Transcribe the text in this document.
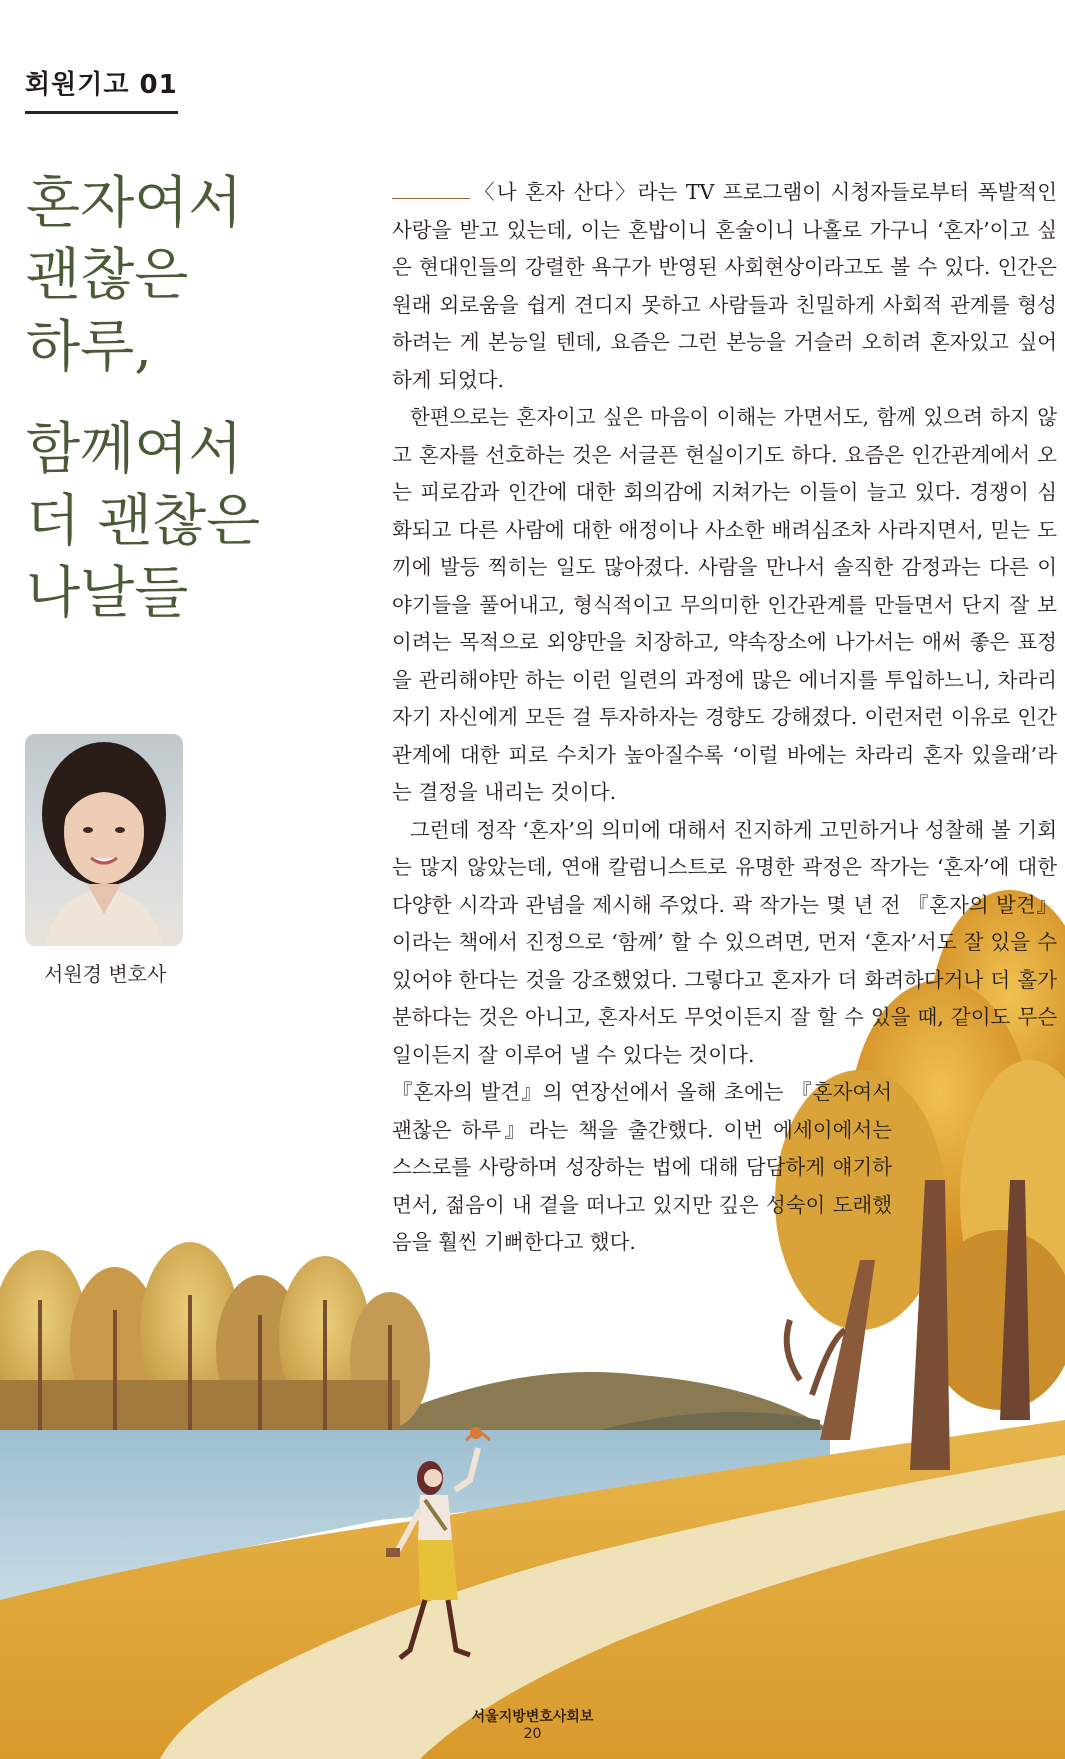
회원기고 01
혼자여서
괜찮은
하루,
함께여서
더 괜찮은
나날들
서원경 변호사

〈나 혼자 산다〉라는 TV 프로그램이 시청자들로부터 폭발적인 사랑을 받고 있는데, 이는 혼밥이니 혼술이니 나홀로 가구니 ‘혼자’이고 싶은 현대인들의 강렬한 욕구가 반영된 사회현상이라고도 볼 수 있다. 인간은 원래 외로움을 쉽게 견디지 못하고 사람들과 친밀하게 사회적 관계를 형성하려는 게 본능일 텐데, 요즘은 그런 본능을 거슬러 오히려 혼자있고 싶어 하게 되었다.

한편으로는 혼자이고 싶은 마음이 이해는 가면서도, 함께 있으려 하지 않고 혼자를 선호하는 것은 서글픈 현실이기도 하다. 요즘은 인간관계에서 오는 피로감과 인간에 대한 회의감에 지쳐가는 이들이 늘고 있다. 경쟁이 심화되고 다른 사람에 대한 애정이나 사소한 배려심조차 사라지면서, 믿는 도끼에 발등 찍히는 일도 많아졌다. 사람을 만나서 솔직한 감정과는 다른 이야기들을 풀어내고, 형식적이고 무의미한 인간관계를 만들면서 단지 잘 보이려는 목적으로 외양만을 치장하고, 약속장소에 나가서는 애써 좋은 표정을 관리해야만 하는 이런 일련의 과정에 많은 에너지를 투입하느니, 차라리 자기 자신에게 모든 걸 투자하자는 경향도 강해졌다. 이런저런 이유로 인간관계에 대한 피로 수치가 높아질수록 ‘이럴 바에는 차라리 혼자 있을래’라는 결정을 내리는 것이다.

그런데 정작 ‘혼자’의 의미에 대해서 진지하게 고민하거나 성찰해 볼 기회는 많지 않았는데, 연애 칼럼니스트로 유명한 곽정은 작가는 ‘혼자’에 대한 다양한 시각과 관념을 제시해 주었다. 곽 작가는 몇 년 전 『혼자의 발견』이라는 책에서 진정으로 ‘함께’ 할 수 있으려면, 먼저 ‘혼자’서도 잘 있을 수 있어야 한다는 것을 강조했었다. 그렇다고 혼자가 더 화려하다거나 더 홀가분하다는 것은 아니고, 혼자서도 무엇이든지 잘 할 수 있을 때, 같이도 무슨 일이든지 잘 이루어 낼 수 있다는 것이다.

『혼자의 발견』의 연장선에서 올해 초에는 『혼자여서 괜찮은 하루』라는 책을 출간했다. 이번 에세이에서는 스스로를 사랑하며 성장하는 법에 대해 담담하게 얘기하면서, 젊음이 내 곁을 떠나고 있지만 깊은 성숙이 도래했음을 훨씬 기뻐한다고 했다.

서울지방변호사회보
20
